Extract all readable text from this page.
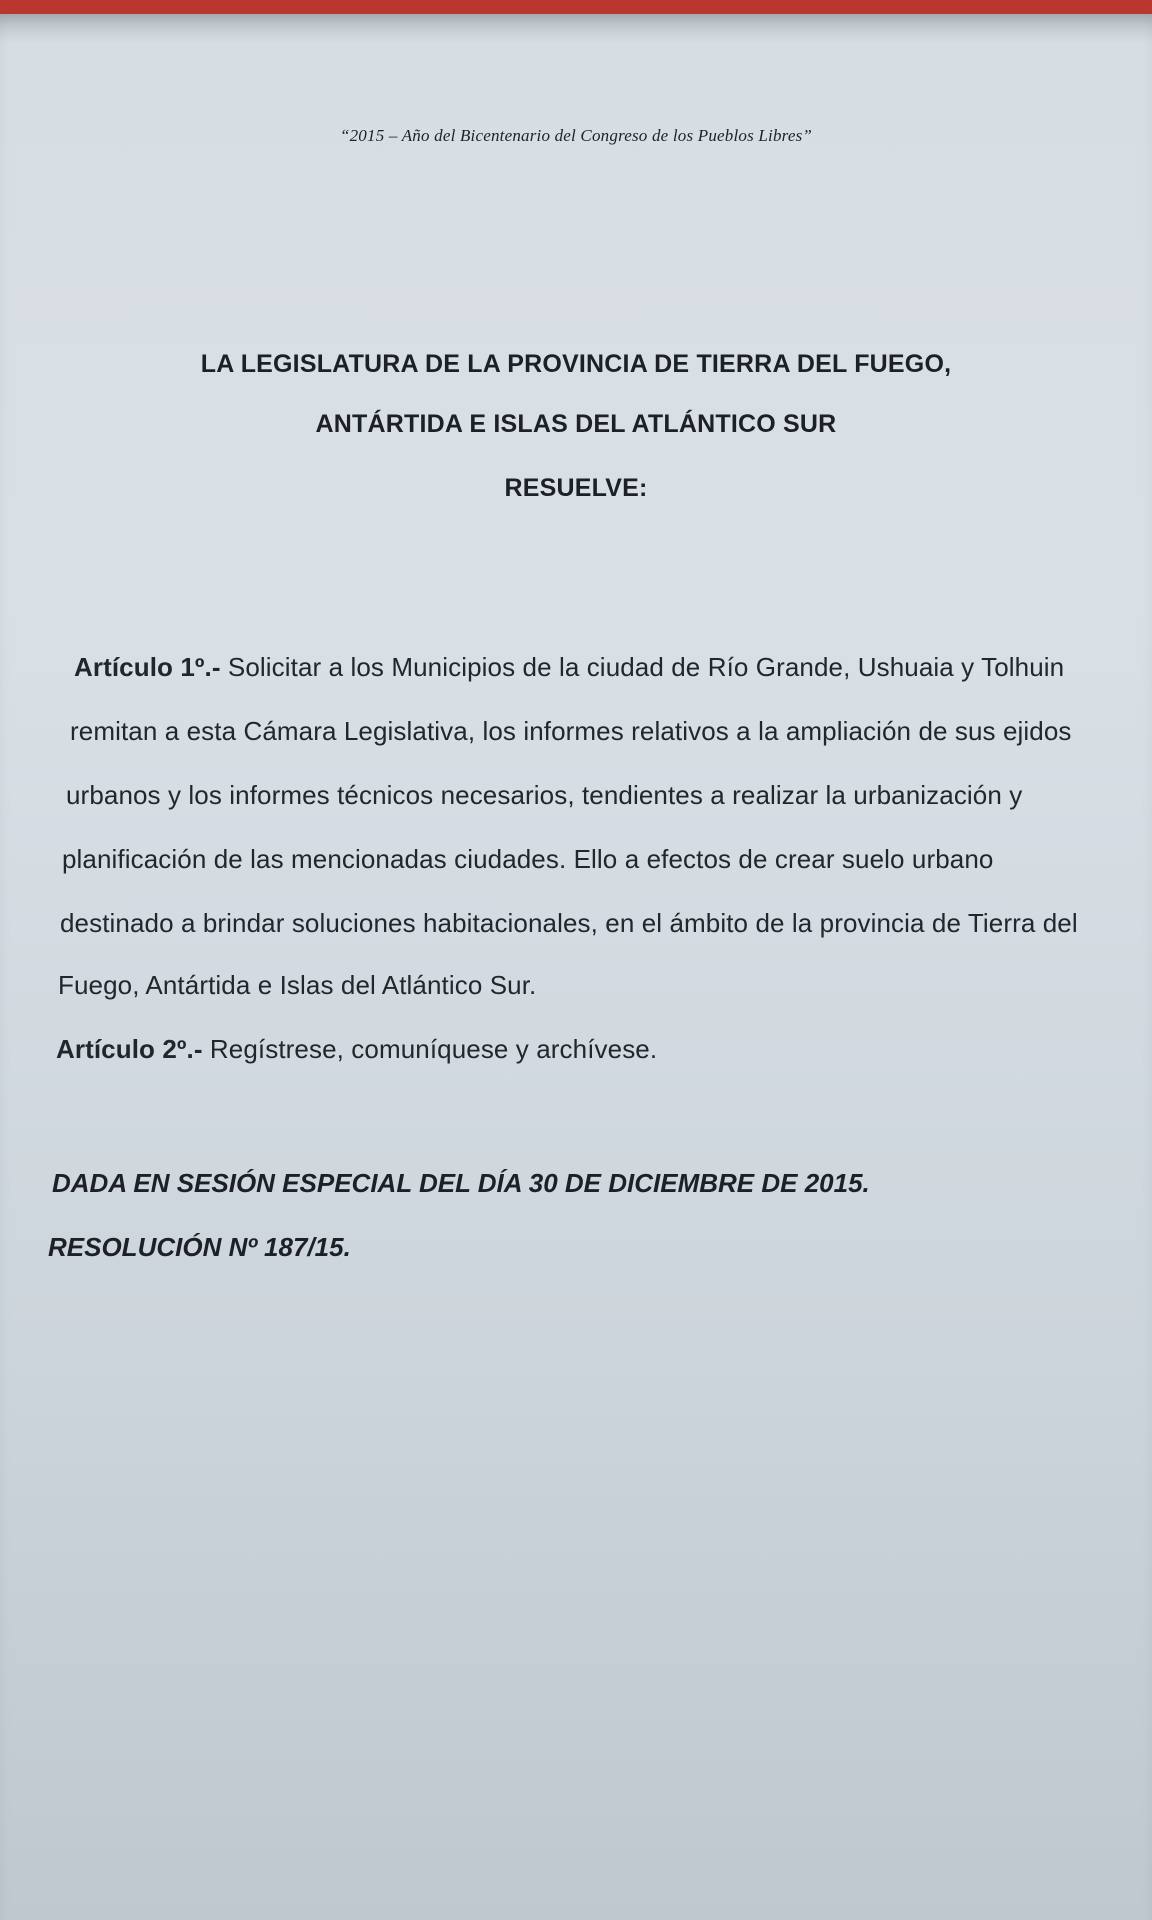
“2015 – Año del Bicentenario del Congreso de los Pueblos Libres”
LA LEGISLATURA DE LA PROVINCIA DE TIERRA DEL FUEGO,
ANTÁRTIDA E ISLAS DEL ATLÁNTICO SUR
RESUELVE:
Artículo 1º.- Solicitar a los Municipios de la ciudad de Río Grande, Ushuaia y Tolhuin
remitan a esta Cámara Legislativa, los informes relativos a la ampliación de sus ejidos
urbanos y los informes técnicos necesarios, tendientes a realizar la urbanización y
planificación de las mencionadas ciudades. Ello a efectos de crear suelo urbano
destinado a brindar soluciones habitacionales, en el ámbito de la provincia de Tierra del
Fuego, Antártida e Islas del Atlántico Sur.
Artículo 2º.- Regístrese, comuníquese y archívese.
DADA EN SESIÓN ESPECIAL DEL DÍA 30 DE DICIEMBRE DE 2015.
RESOLUCIÓN Nº 187/15.
